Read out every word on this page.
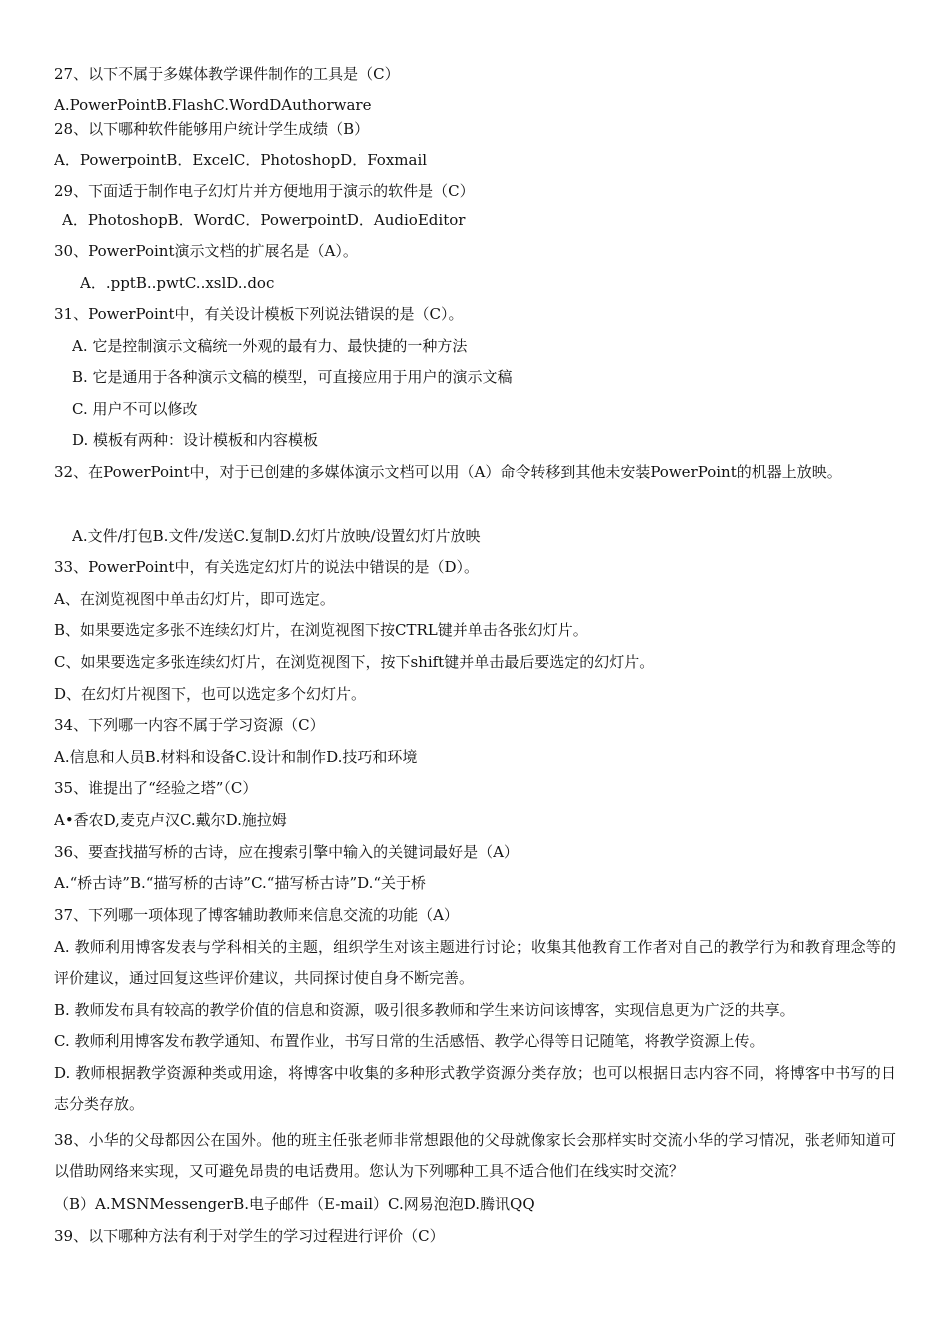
27、以下不属于多媒体教学课件制作的工具是（C）
A.PowerPointB.FlashC.WordDAuthorware
28、以下哪种软件能够用户统计学生成绩（B）
A．PowerpointB．ExcelC．PhotoshopD．Foxmail
29、下面适于制作电子幻灯片并方便地用于演示的软件是（C）
A．PhotoshopB．WordC．PowerpointD．AudioEditor
30、PowerPoint演示文档的扩展名是（A）。
A．.pptB..pwtC..xslD..doc
31、PowerPoint中，有关设计模板下列说法错误的是（C）。
A. 它是控制演示文稿统一外观的最有力、最快捷的一种方法
B. 它是通用于各种演示文稿的模型，可直接应用于用户的演示文稿
C. 用户不可以修改
D. 模板有两种：设计模板和内容模板
32、在PowerPoint中，对于已创建的多媒体演示文档可以用（A）命令转移到其他未安装PowerPoint的机器上放映。
A.文件/打包B.文件/发送C.复制D.幻灯片放映/设置幻灯片放映
33、PowerPoint中，有关选定幻灯片的说法中错误的是（D）。
A、在浏览视图中单击幻灯片，即可选定。
B、如果要选定多张不连续幻灯片，在浏览视图下按CTRL键并单击各张幻灯片。
C、如果要选定多张连续幻灯片，在浏览视图下，按下shift键并单击最后要选定的幻灯片。
D、在幻灯片视图下，也可以选定多个幻灯片。
34、下列哪一内容不属于学习资源（C）
A.信息和人员B.材料和设备C.设计和制作D.技巧和环境
35、谁提出了“经验之塔”（C）
A•香农D,麦克卢汉C.戴尔D.施拉姆
36、要查找描写桥的古诗，应在搜索引擎中输入的关键词最好是（A）
A.“桥古诗”B.“描写桥的古诗”C.“描写桥古诗”D.“关于桥
37、下列哪一项体现了博客辅助教师来信息交流的功能（A）
A. 教师利用博客发表与学科相关的主题，组织学生对该主题进行讨论；收集其他教育工作者对自己的教学行为和教育理念等的评价建议，通过回复这些评价建议，共同探讨使自身不断完善。
B. 教师发布具有较高的教学价值的信息和资源，吸引很多教师和学生来访问该博客，实现信息更为广泛的共享。
C. 教师利用博客发布教学通知、布置作业，书写日常的生活感悟、教学心得等日记随笔，将教学资源上传。
D. 教师根据教学资源种类或用途，将博客中收集的多种形式教学资源分类存放；也可以根据日志内容不同，将博客中书写的日志分类存放。
38、小华的父母都因公在国外。他的班主任张老师非常想跟他的父母就像家长会那样实时交流小华的学习情况，张老师知道可以借助网络来实现，又可避免昂贵的电话费用。您认为下列哪种工具不适合他们在线实时交流？
（B）A.MSNMessengerB.电子邮件（E-mail）C.网易泡泡D.腾讯QQ
39、以下哪种方法有利于对学生的学习过程进行评价（C）
